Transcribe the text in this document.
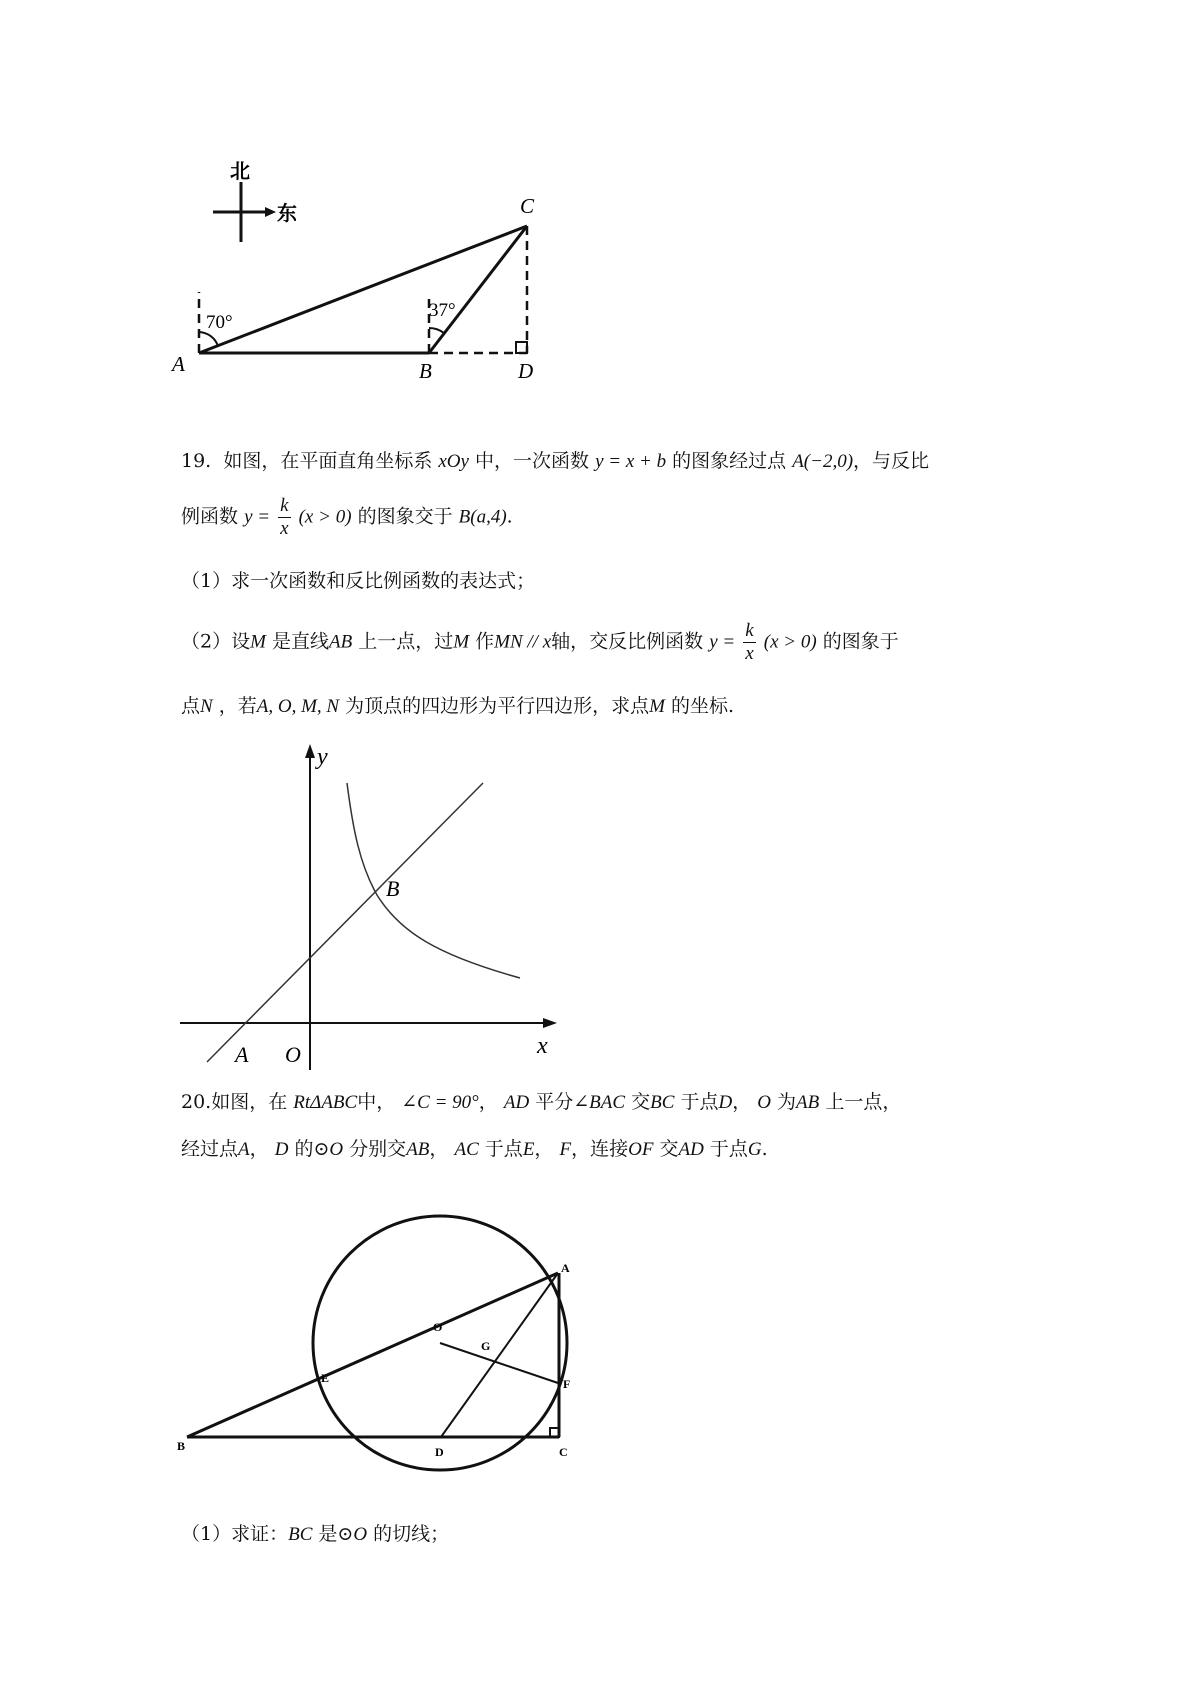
北
东
70°
37°
A	B
C
D
19. 如图，在平面直角坐标系 xOy 中，一次函数 y = x + b 的图象经过点 A(−2,0)，与反比
例函数 $y = \frac{k}{x} (x > 0)$ 的图象交于 B(a,4).
（1）求一次函数和反比例函数的表达式；
（2）设M 是直线AB 上一点，过M 作MN // x轴，交反比例函数 $y = \frac{k}{x} (x > 0)$ 的图象于
点N ，若A, O, M, N 为顶点的四边形为平行四边形，求点M 的坐标.
y
x
A O
B
20.如图，在 RtΔABC中， ∠C = 90°， AD 平分∠BAC 交BC 于点D， O 为AB 上一点，
经过点A， D 的⊙O 分别交AB， AC 于点E， F，连接OF 交AD 于点G.
A
O
G
E	F
B	D	C
（1）求证：BC 是⊙O 的切线；
